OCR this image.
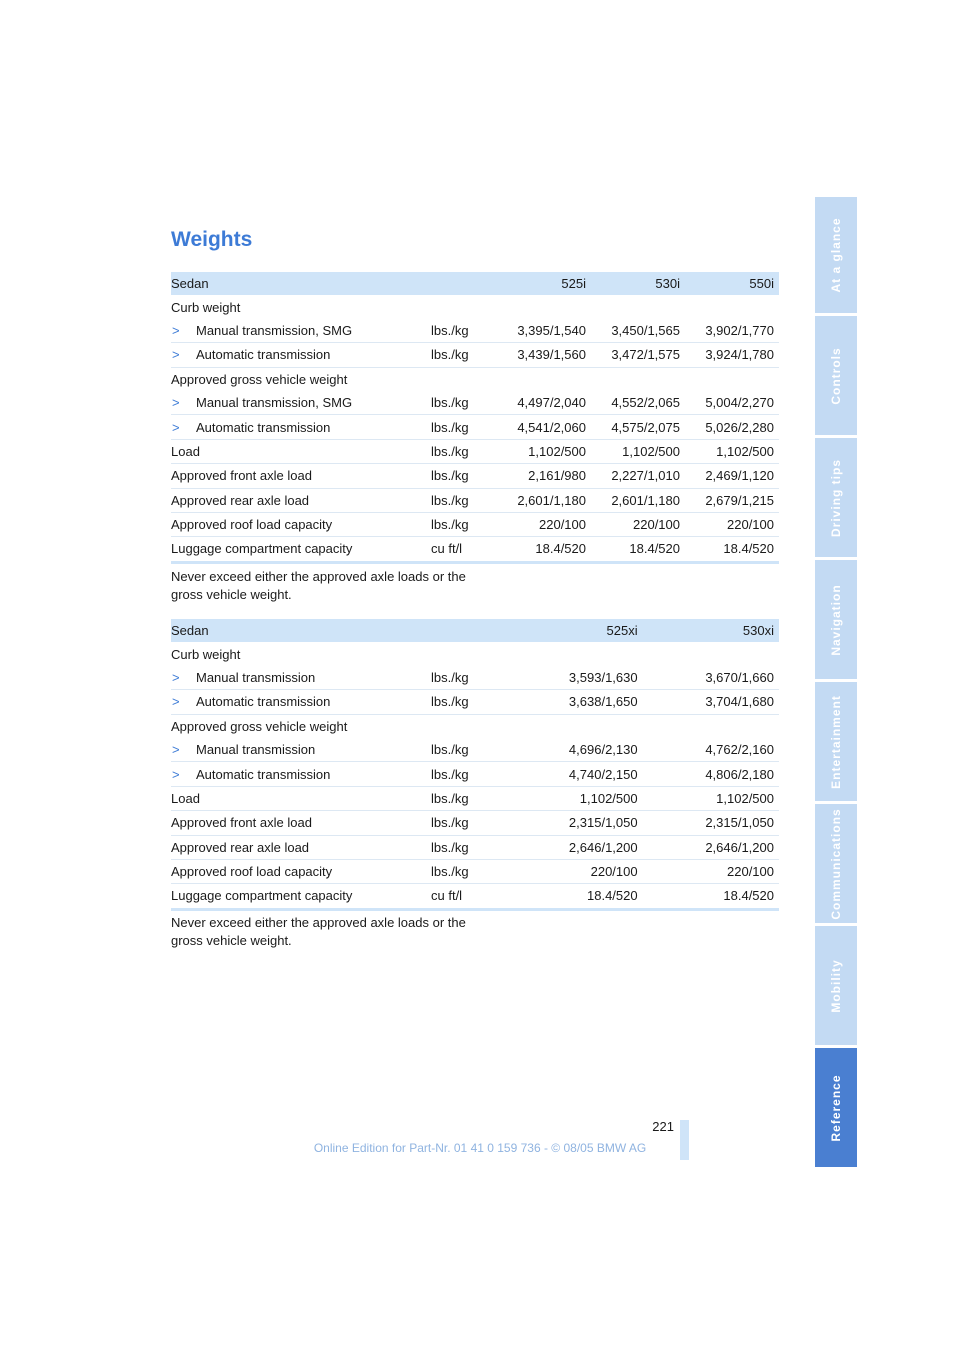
Weights
Sedan		525i	530i	550i
Curb weight				
> Manual transmission, SMG	lbs./kg	3,395/1,540	3,450/1,565	3,902/1,770
> Automatic transmission	lbs./kg	3,439/1,560	3,472/1,575	3,924/1,780
Approved gross vehicle weight				
> Manual transmission, SMG	lbs./kg	4,497/2,040	4,552/2,065	5,004/2,270
> Automatic transmission	lbs./kg	4,541/2,060	4,575/2,075	5,026/2,280
Load	lbs./kg	1,102/500	1,102/500	1,102/500
Approved front axle load	lbs./kg	2,161/980	2,227/1,010	2,469/1,120
Approved rear axle load	lbs./kg	2,601/1,180	2,601/1,180	2,679/1,215
Approved roof load capacity	lbs./kg	220/100	220/100	220/100
Luggage compartment capacity	cu ft/l	18.4/520	18.4/520	18.4/520
Never exceed either the approved axle loads or the gross vehicle weight.
Sedan			525xi	530xi
Curb weight				
> Manual transmission	lbs./kg		3,593/1,630	3,670/1,660
> Automatic transmission	lbs./kg		3,638/1,650	3,704/1,680
Approved gross vehicle weight				
> Manual transmission	lbs./kg		4,696/2,130	4,762/2,160
> Automatic transmission	lbs./kg		4,740/2,150	4,806/2,180
Load	lbs./kg		1,102/500	1,102/500
Approved front axle load	lbs./kg		2,315/1,050	2,315/1,050
Approved rear axle load	lbs./kg		2,646/1,200	2,646/1,200
Approved roof load capacity	lbs./kg		220/100	220/100
Luggage compartment capacity	cu ft/l		18.4/520	18.4/520
Never exceed either the approved axle loads or the gross vehicle weight.
At a glance
Controls
Driving tips
Navigation
Entertainment
Communications
Mobility
Reference
221
Online Edition for Part-Nr. 01 41 0 159 736 - © 08/05 BMW AG
